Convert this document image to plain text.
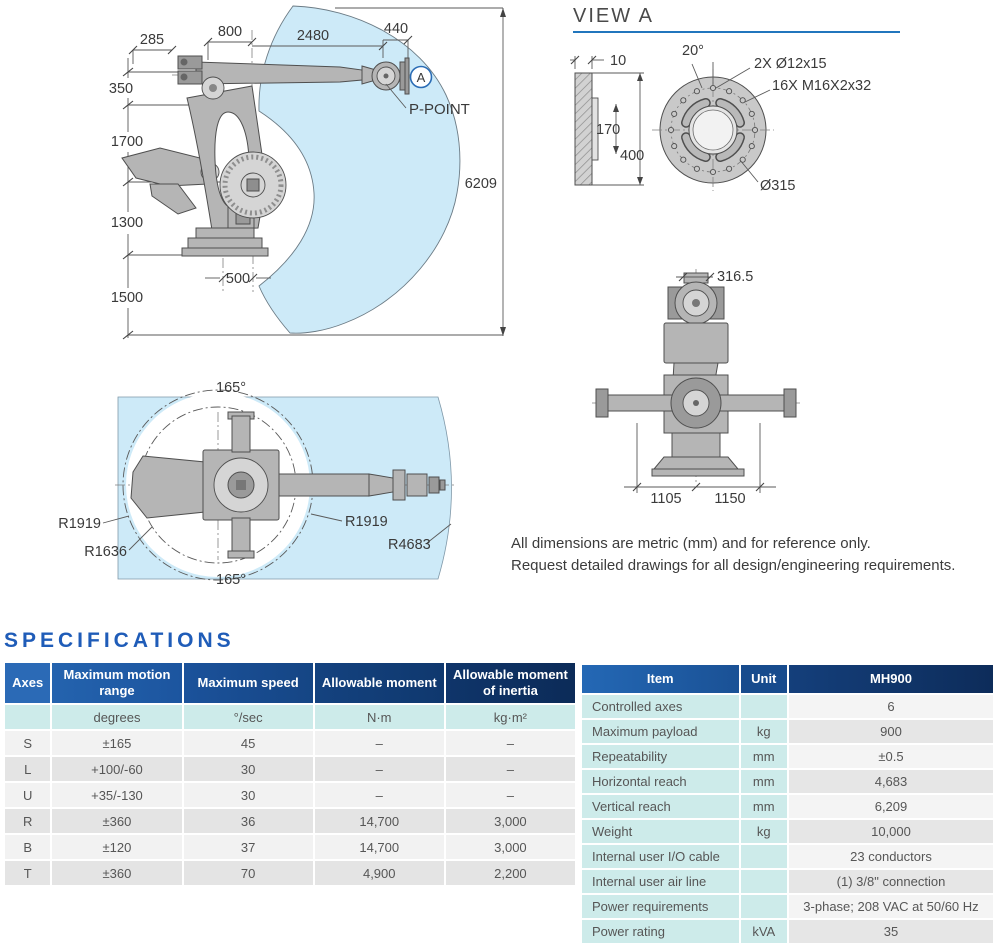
285	800	2480	440
350
1700
1300
1500
500
6209
P-POINT
A
VIEW A
10
170
400
20°
2X Ø12x15
16X M16X2x32
Ø315
316.5
1105 1150
165°
165°
R1919
R1636
R1919
R4683	All dimensions are metric (mm) and for reference only.
Request detailed drawings for all design/engineering requirements.
SPECIFICATIONS
Axes	Maximum motion range	Maximum speed	Allowable moment	Allowable moment of inertia
	degrees	°/sec	N·m	kg·m²
S	±165	45	–	–
L	+100/-60	30	–	–
U	+35/-130	30	–	–
R	±360	36	14,700	3,000
B	±120	37	14,700	3,000
T	±360	70	4,900	2,200
Item	Unit	MH900
Controlled axes		6
Maximum payload	kg	900
Repeatability	mm	±0.5
Horizontal reach	mm	4,683
Vertical reach	mm	6,209
Weight	kg	10,000
Internal user I/O cable		23 conductors
Internal user air line		(1) 3/8" connection
Power requirements		3-phase; 208 VAC at 50/60 Hz
Power rating	kVA	35
